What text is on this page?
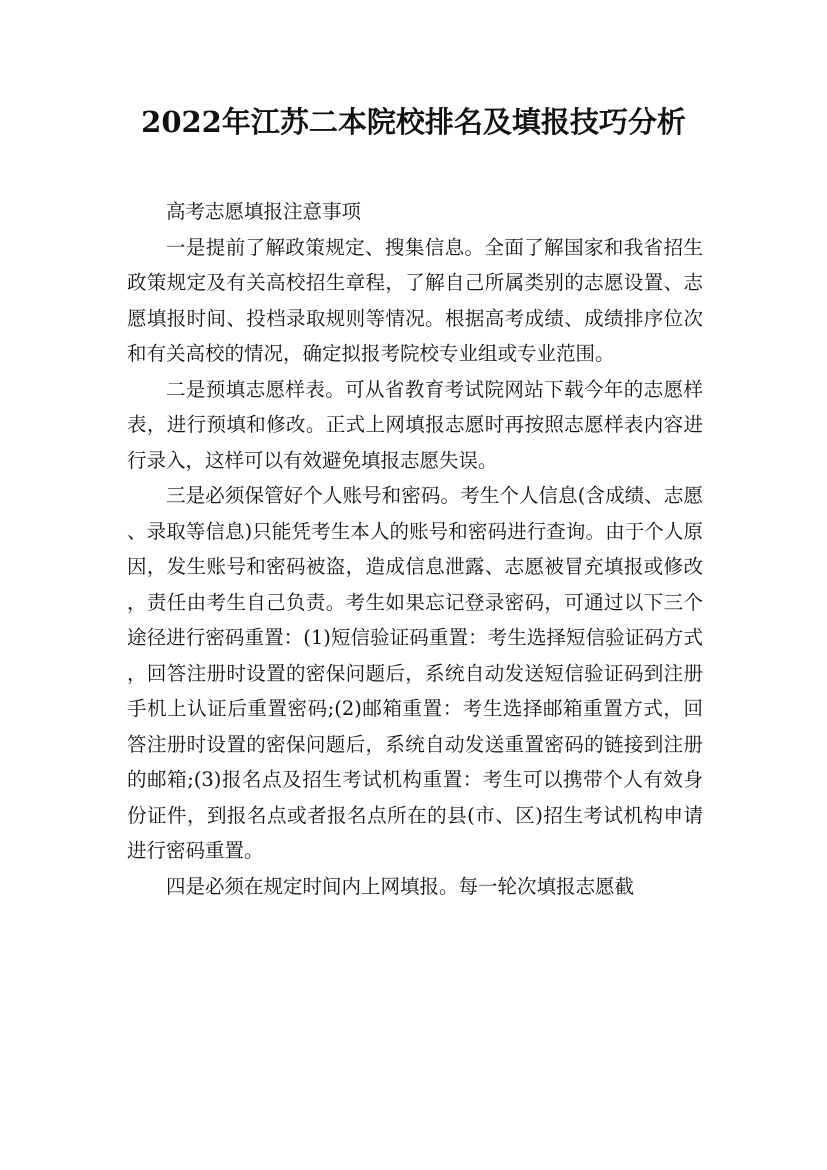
2022年江苏二本院校排名及填报技巧分析

高考志愿填报注意事项

一是提前了解政策规定、搜集信息。全面了解国家和我省招生政策规定及有关高校招生章程，了解自己所属类别的志愿设置、志愿填报时间、投档录取规则等情况。根据高考成绩、成绩排序位次和有关高校的情况，确定拟报考院校专业组或专业范围。

二是预填志愿样表。可从省教育考试院网站下载今年的志愿样表，进行预填和修改。正式上网填报志愿时再按照志愿样表内容进行录入，这样可以有效避免填报志愿失误。

三是必须保管好个人账号和密码。考生个人信息(含成绩、志愿、录取等信息)只能凭考生本人的账号和密码进行查询。由于个人原因，发生账号和密码被盗，造成信息泄露、志愿被冒充填报或修改，责任由考生自己负责。考生如果忘记登录密码，可通过以下三个途径进行密码重置：(1)短信验证码重置：考生选择短信验证码方式，回答注册时设置的密保问题后，系统自动发送短信验证码到注册手机上认证后重置密码;(2)邮箱重置：考生选择邮箱重置方式，回答注册时设置的密保问题后，系统自动发送重置密码的链接到注册的邮箱;(3)报名点及招生考试机构重置：考生可以携带个人有效身份证件，到报名点或者报名点所在的县(市、区)招生考试机构申请进行密码重置。

四是必须在规定时间内上网填报。每一轮次填报志愿截
